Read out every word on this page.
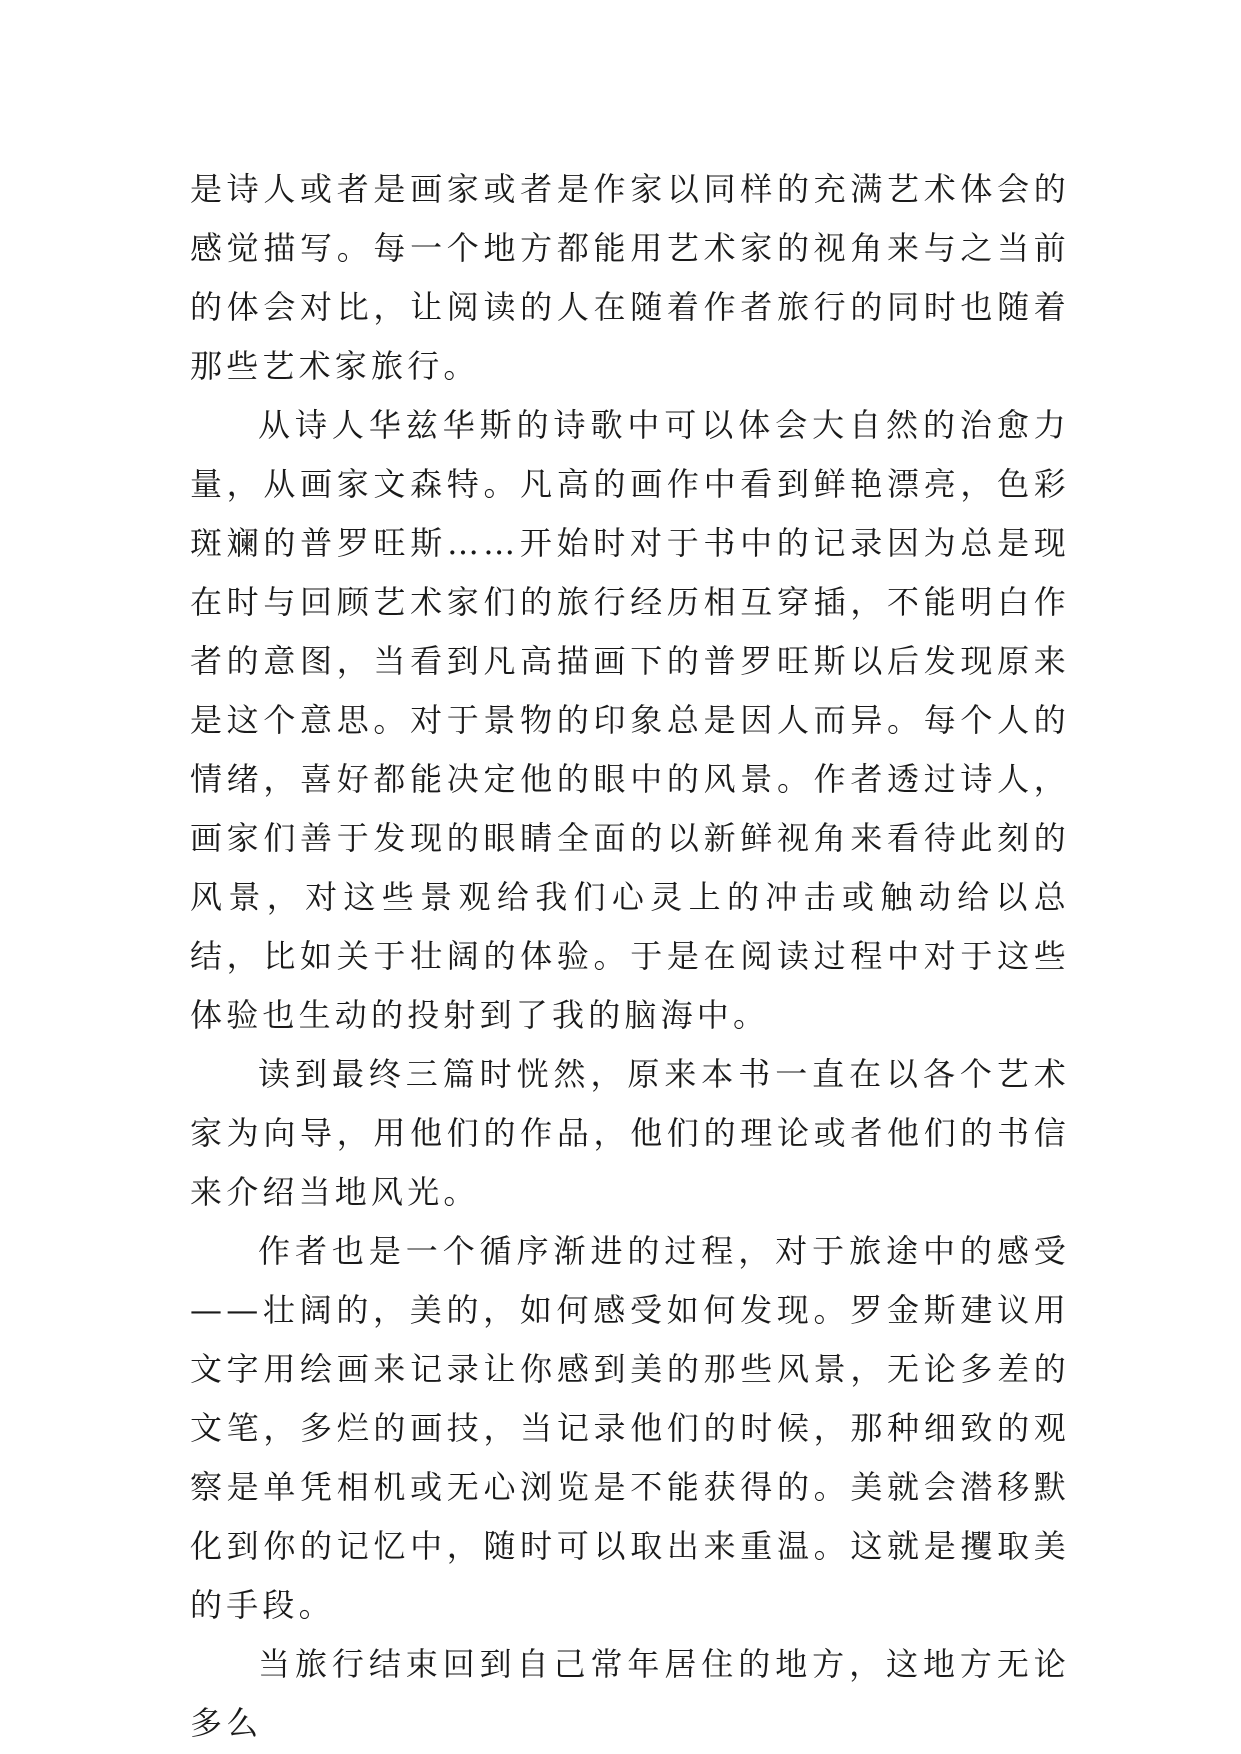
是诗人或者是画家或者是作家以同样的充满艺术体会的感觉描写。每一个地方都能用艺术家的视角来与之当前的体会对比，让阅读的人在随着作者旅行的同时也随着那些艺术家旅行。

从诗人华兹华斯的诗歌中可以体会大自然的治愈力量，从画家文森特。凡高的画作中看到鲜艳漂亮，色彩斑斓的普罗旺斯……开始时对于书中的记录因为总是现在时与回顾艺术家们的旅行经历相互穿插，不能明白作者的意图，当看到凡高描画下的普罗旺斯以后发现原来是这个意思。对于景物的印象总是因人而异。每个人的情绪，喜好都能决定他的眼中的风景。作者透过诗人，画家们善于发现的眼睛全面的以新鲜视角来看待此刻的风景，对这些景观给我们心灵上的冲击或触动给以总结，比如关于壮阔的体验。于是在阅读过程中对于这些体验也生动的投射到了我的脑海中。

读到最终三篇时恍然，原来本书一直在以各个艺术家为向导，用他们的作品，他们的理论或者他们的书信来介绍当地风光。

作者也是一个循序渐进的过程，对于旅途中的感受——壮阔的，美的，如何感受如何发现。罗金斯建议用文字用绘画来记录让你感到美的那些风景，无论多差的文笔，多烂的画技，当记录他们的时候，那种细致的观察是单凭相机或无心浏览是不能获得的。美就会潜移默化到你的记忆中，随时可以取出来重温。这就是攫取美的手段。

当旅行结束回到自己常年居住的地方，这地方无论多么
